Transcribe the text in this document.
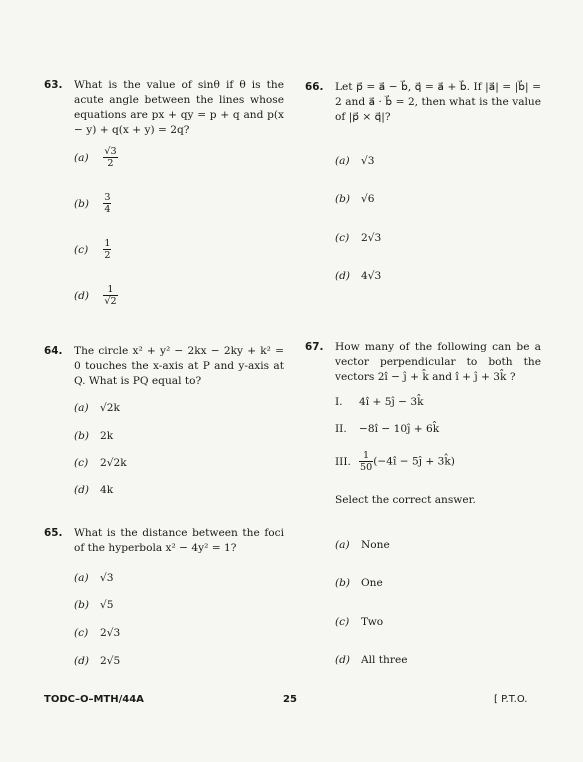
63. What is the value of sinθ if θ is the acute angle between the lines whose equations are px + qy = p + q and p(x − y) + q(x + y) = 2q?
$(a) \frac{√3}{2}$
$(b) \frac{3}{4}$
$(c) \frac{1}{2}$
$(d) \frac{1}{√2}$
64. The circle x² + y² − 2kx − 2ky + k² = 0 touches the x-axis at P and y-axis at Q. What is PQ equal to?
(a) √2k
(b) 2k
(c) 2√2k
(d) 4k
65. What is the distance between the foci of the hyperbola x² − 4y² = 1?
(a) √3
(b) √5
(c) 2√3
(d) 2√5
66. Let p⃗ = a⃗ − b⃗, q⃗ = a⃗ + b⃗. If |a⃗| = |b⃗| = 2 and a⃗ · b⃗ = 2, then what is the value of |p⃗ × q⃗|?
(a) √3
(b) √6
(c) 2√3
(d) 4√3
67. How many of the following can be a vector perpendicular to both the vectors 2î − ĵ + k̂ and î + ĵ + 3k̂ ?
I. 4î + 5ĵ − 3k̂
II. −8î − 10ĵ + 6k̂
III. $\frac{1}{50}$ (−4î − 5ĵ + 3k̂)
Select the correct answer.
(a) None
(b) One
(c) Two
(d) All three
TODC–O–MTH/44A	25	[ P.T.O.
